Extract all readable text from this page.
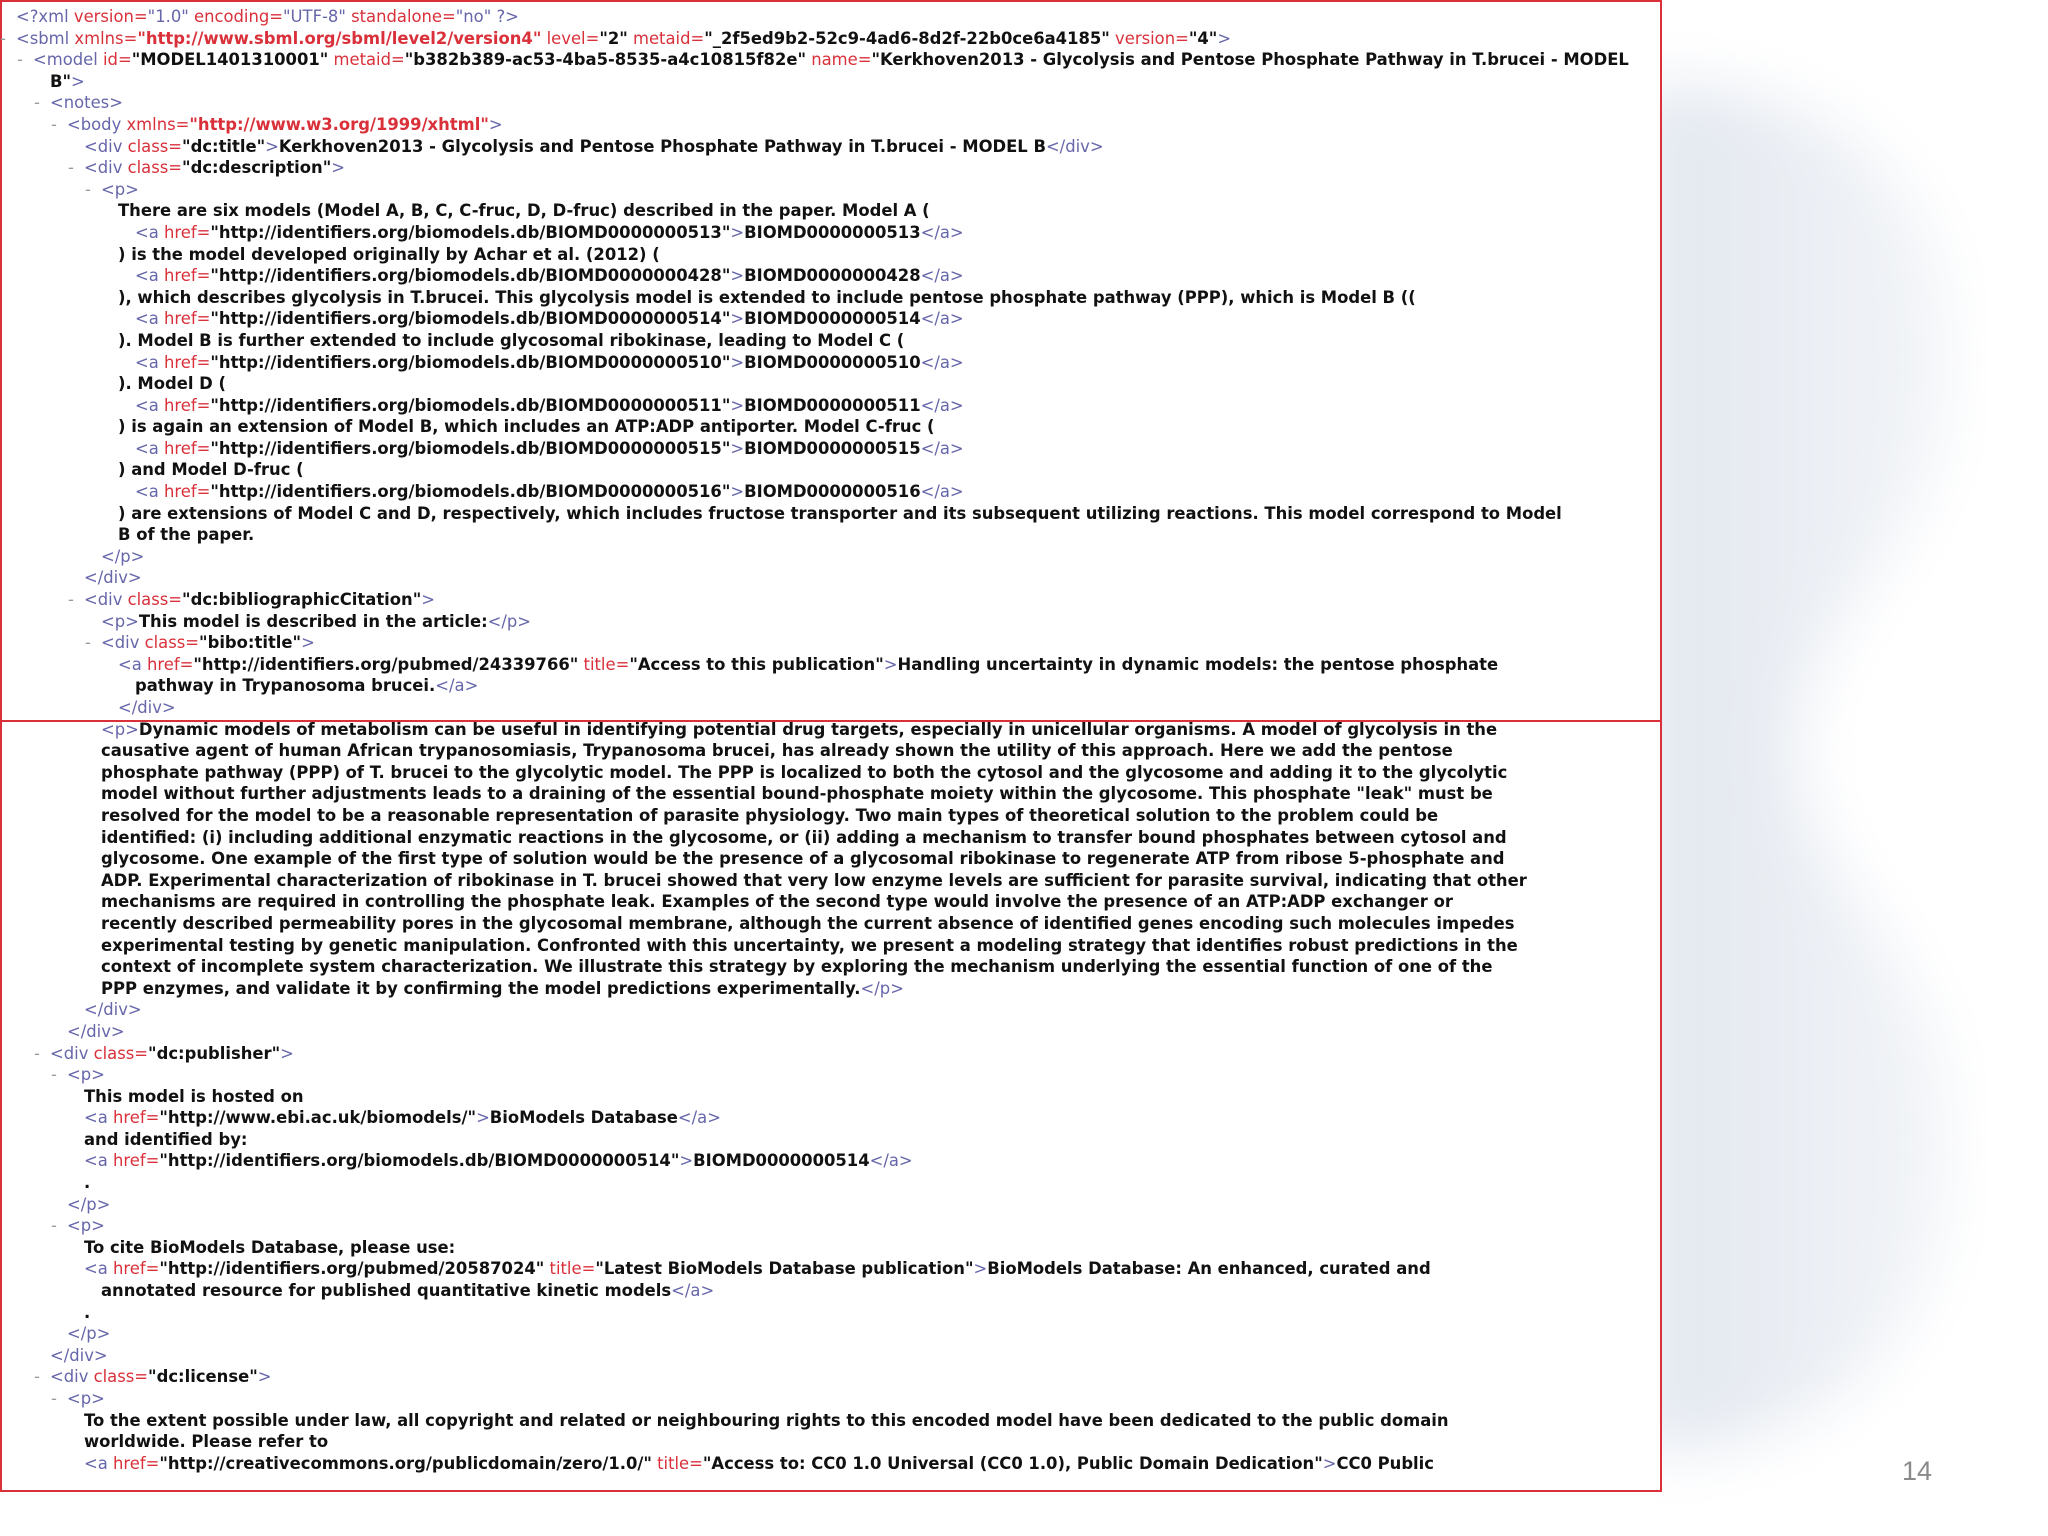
<?xml version="1.0" encoding="UTF-8" standalone="no" ?>
- <sbml xmlns="http://www.sbml.org/sbml/level2/version4" level="2" metaid="_2f5ed9b2-52c9-4ad6-8d2f-22b0ce6a4185" version="4">
- <model id="MODEL1401310001" metaid="b382b389-ac53-4ba5-8535-a4c10815f82e" name="Kerkhoven2013 - Glycolysis and Pentose Phosphate Pathway in T.brucei - MODEL
B">
- <notes>
- <body xmlns="http://www.w3.org/1999/xhtml">
<div class="dc:title">Kerkhoven2013 - Glycolysis and Pentose Phosphate Pathway in T.brucei - MODEL B</div>
- <div class="dc:description">
- <p>
There are six models (Model A, B, C, C-fruc, D, D-fruc) described in the paper. Model A (
<a href="http://identifiers.org/biomodels.db/BIOMD0000000513">BIOMD0000000513</a>
) is the model developed originally by Achar et al. (2012) (
<a href="http://identifiers.org/biomodels.db/BIOMD0000000428">BIOMD0000000428</a>
), which describes glycolysis in T.brucei. This glycolysis model is extended to include pentose phosphate pathway (PPP), which is Model B ((
<a href="http://identifiers.org/biomodels.db/BIOMD0000000514">BIOMD0000000514</a>
). Model B is further extended to include glycosomal ribokinase, leading to Model C (
<a href="http://identifiers.org/biomodels.db/BIOMD0000000510">BIOMD0000000510</a>
). Model D (
<a href="http://identifiers.org/biomodels.db/BIOMD0000000511">BIOMD0000000511</a>
) is again an extension of Model B, which includes an ATP:ADP antiporter. Model C-fruc (
<a href="http://identifiers.org/biomodels.db/BIOMD0000000515">BIOMD0000000515</a>
) and Model D-fruc (
<a href="http://identifiers.org/biomodels.db/BIOMD0000000516">BIOMD0000000516</a>
) are extensions of Model C and D, respectively, which includes fructose transporter and its subsequent utilizing reactions. This model correspond to Model
B of the paper.
</p>
</div>
- <div class="dc:bibliographicCitation">
<p>This model is described in the article:</p>
- <div class="bibo:title">
<a href="http://identifiers.org/pubmed/24339766" title="Access to this publication">Handling uncertainty in dynamic models: the pentose phosphate
pathway in Trypanosoma brucei.</a>
</div>
<p>Dynamic models of metabolism can be useful in identifying potential drug targets, especially in unicellular organisms. A model of glycolysis in the
causative agent of human African trypanosomiasis, Trypanosoma brucei, has already shown the utility of this approach. Here we add the pentose
phosphate pathway (PPP) of T. brucei to the glycolytic model. The PPP is localized to both the cytosol and the glycosome and adding it to the glycolytic
model without further adjustments leads to a draining of the essential bound-phosphate moiety within the glycosome. This phosphate "leak" must be
resolved for the model to be a reasonable representation of parasite physiology. Two main types of theoretical solution to the problem could be
identified: (i) including additional enzymatic reactions in the glycosome, or (ii) adding a mechanism to transfer bound phosphates between cytosol and
glycosome. One example of the first type of solution would be the presence of a glycosomal ribokinase to regenerate ATP from ribose 5-phosphate and
ADP. Experimental characterization of ribokinase in T. brucei showed that very low enzyme levels are sufficient for parasite survival, indicating that other
mechanisms are required in controlling the phosphate leak. Examples of the second type would involve the presence of an ATP:ADP exchanger or
recently described permeability pores in the glycosomal membrane, although the current absence of identified genes encoding such molecules impedes
experimental testing by genetic manipulation. Confronted with this uncertainty, we present a modeling strategy that identifies robust predictions in the
context of incomplete system characterization. We illustrate this strategy by exploring the mechanism underlying the essential function of one of the
PPP enzymes, and validate it by confirming the model predictions experimentally.</p>
</div>
</div>
- <div class="dc:publisher">
- <p>
This model is hosted on
<a href="http://www.ebi.ac.uk/biomodels/">BioModels Database</a>
and identified by:
<a href="http://identifiers.org/biomodels.db/BIOMD0000000514">BIOMD0000000514</a>
.
</p>
- <p>
To cite BioModels Database, please use:
<a href="http://identifiers.org/pubmed/20587024" title="Latest BioModels Database publication">BioModels Database: An enhanced, curated and
annotated resource for published quantitative kinetic models</a>
.
</p>
</div>
- <div class="dc:license">
- <p>
To the extent possible under law, all copyright and related or neighbouring rights to this encoded model have been dedicated to the public domain
worldwide. Please refer to
<a href="http://creativecommons.org/publicdomain/zero/1.0/" title="Access to: CC0 1.0 Universal (CC0 1.0), Public Domain Dedication">CC0 Public	14
